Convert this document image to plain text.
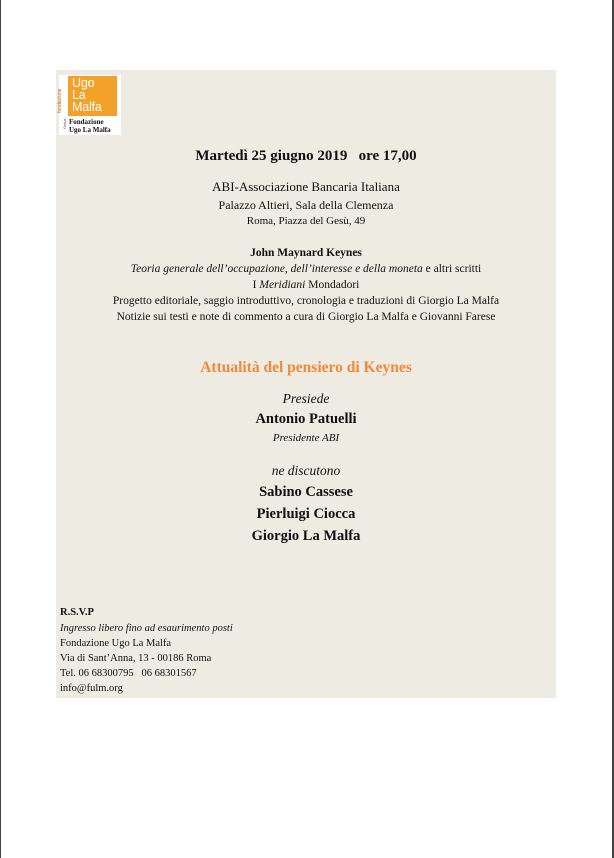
Ugo
La
Malfa
fondazione
Onlus Fondazione
Ugo La Malfa
Martedì 25 giugno 2019   ore 17,00
ABI-Associazione Bancaria Italiana
Palazzo Altieri, Sala della Clemenza
Roma, Piazza del Gesù, 49
John Maynard Keynes
Teoria generale dell’occupazione, dell’interesse e della moneta e altri scritti
I Meridiani Mondadori
Progetto editoriale, saggio introduttivo, cronologia e traduzioni di Giorgio La Malfa
Notizie sui testi e note di commento a cura di Giorgio La Malfa e Giovanni Farese
Attualità del pensiero di Keynes
Presiede
Antonio Patuelli
Presidente ABI
ne discutono
Sabino Cassese
Pierluigi Ciocca
Giorgio La Malfa
R.S.V.P
Ingresso libero fino ad esaurimento posti
Fondazione Ugo La Malfa
Via di Sant’Anna, 13 - 00186 Roma
Tel. 06 68300795   06 68301567
info@fulm.org
